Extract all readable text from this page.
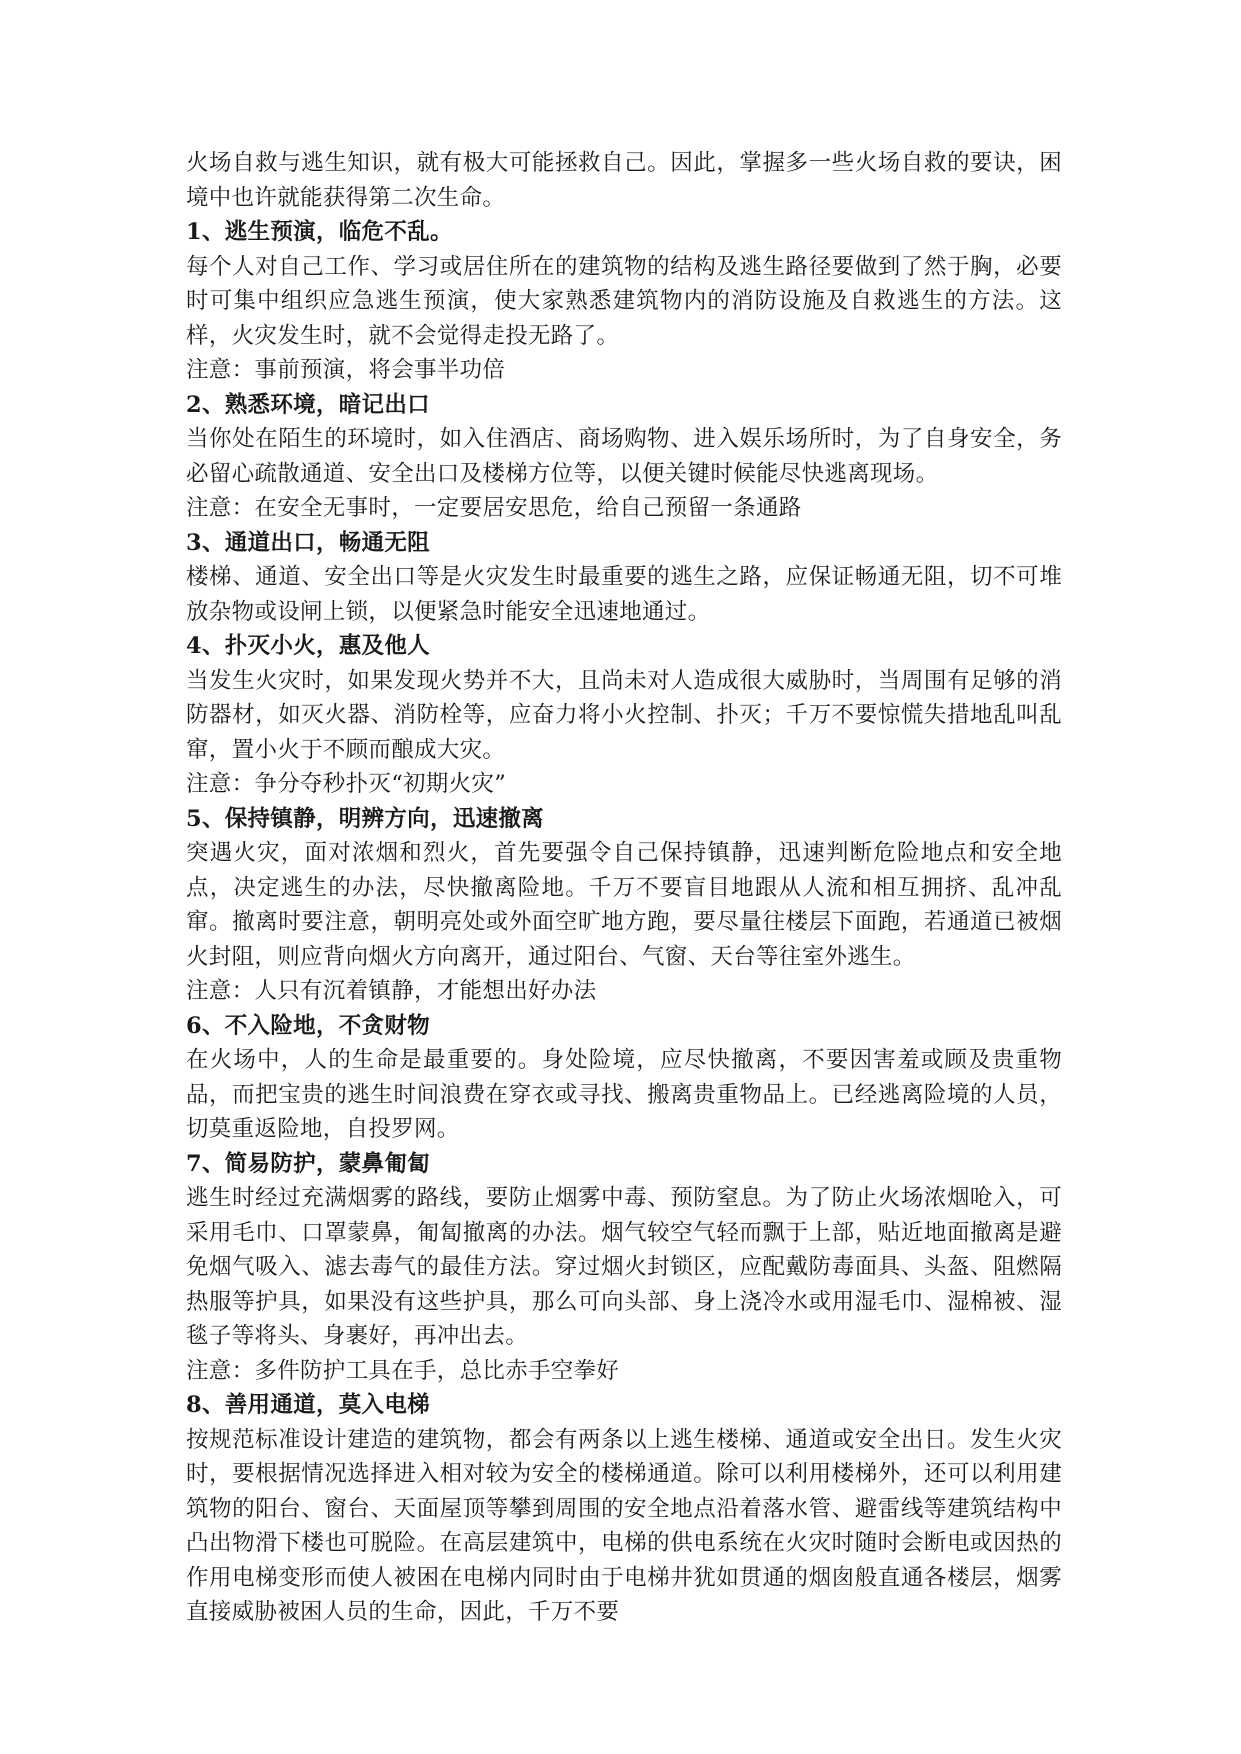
火场自救与逃生知识，就有极大可能拯救自己。因此，掌握多一些火场自救的要诀，困境中也许就能获得第二次生命。

1、逃生预演，临危不乱。

每个人对自己工作、学习或居住所在的建筑物的结构及逃生路径要做到了然于胸，必要时可集中组织应急逃生预演，使大家熟悉建筑物内的消防设施及自救逃生的方法。这样，火灾发生时，就不会觉得走投无路了。

注意：事前预演，将会事半功倍

2、熟悉环境，暗记出口

当你处在陌生的环境时，如入住酒店、商场购物、进入娱乐场所时，为了自身安全，务必留心疏散通道、安全出口及楼梯方位等，以便关键时候能尽快逃离现场。

注意：在安全无事时，一定要居安思危，给自己预留一条通路

3、通道出口，畅通无阻

楼梯、通道、安全出口等是火灾发生时最重要的逃生之路，应保证畅通无阻，切不可堆放杂物或设闸上锁，以便紧急时能安全迅速地通过。

4、扑灭小火，惠及他人

当发生火灾时，如果发现火势并不大，且尚未对人造成很大威胁时，当周围有足够的消防器材，如灭火器、消防栓等，应奋力将小火控制、扑灭；千万不要惊慌失措地乱叫乱窜，置小火于不顾而酿成大灾。

注意：争分夺秒扑灭“初期火灾”

5、保持镇静，明辨方向，迅速撤离

突遇火灾，面对浓烟和烈火，首先要强令自己保持镇静，迅速判断危险地点和安全地点，决定逃生的办法，尽快撤离险地。千万不要盲目地跟从人流和相互拥挤、乱冲乱窜。撤离时要注意，朝明亮处或外面空旷地方跑，要尽量往楼层下面跑，若通道已被烟火封阻，则应背向烟火方向离开，通过阳台、气窗、天台等往室外逃生。

注意：人只有沉着镇静，才能想出好办法

6、不入险地，不贪财物

在火场中，人的生命是最重要的。身处险境，应尽快撤离，不要因害羞或顾及贵重物品，而把宝贵的逃生时间浪费在穿衣或寻找、搬离贵重物品上。已经逃离险境的人员，切莫重返险地，自投罗网。

7、简易防护，蒙鼻匍匐

逃生时经过充满烟雾的路线，要防止烟雾中毒、预防窒息。为了防止火场浓烟呛入，可采用毛巾、口罩蒙鼻，匍匐撤离的办法。烟气较空气轻而飘于上部，贴近地面撤离是避免烟气吸入、滤去毒气的最佳方法。穿过烟火封锁区，应配戴防毒面具、头盔、阻燃隔热服等护具，如果没有这些护具，那么可向头部、身上浇冷水或用湿毛巾、湿棉被、湿毯子等将头、身裹好，再冲出去。

注意：多件防护工具在手，总比赤手空拳好

8、善用通道，莫入电梯

按规范标准设计建造的建筑物，都会有两条以上逃生楼梯、通道或安全出日。发生火灾时，要根据情况选择进入相对较为安全的楼梯通道。除可以利用楼梯外，还可以利用建筑物的阳台、窗台、天面屋顶等攀到周围的安全地点沿着落水管、避雷线等建筑结构中凸出物滑下楼也可脱险。在高层建筑中，电梯的供电系统在火灾时随时会断电或因热的作用电梯变形而使人被困在电梯内同时由于电梯井犹如贯通的烟囱般直通各楼层，烟雾直接威胁被困人员的生命，因此，千万不要
